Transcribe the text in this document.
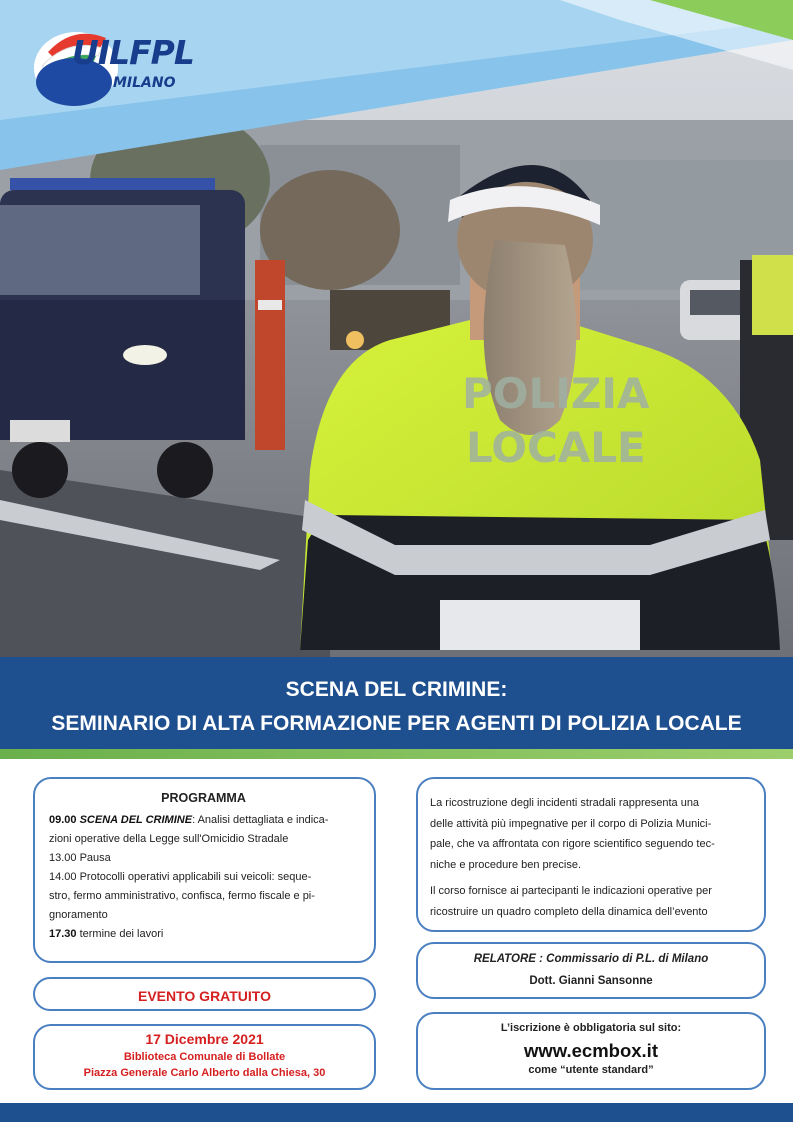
POLIZIA
LOCALE
UILFPL
MILANO
SCENA DEL CRIMINE:
SEMINARIO DI ALTA FORMAZIONE PER AGENTI DI POLIZIA LOCALE
PROGRAMMA
09.00 SCENA DEL CRIMINE: Analisi dettagliata e indica-
zioni operative della Legge sull'Omicidio Stradale
13.00 Pausa
14.00 Protocolli operativi applicabili sui veicoli: seque-
stro, fermo amministrativo, confisca, fermo fiscale e pi-
gnoramento
17.30 termine dei lavori
EVENTO GRATUITO
17 Dicembre 2021
Biblioteca Comunale di Bollate
Piazza Generale Carlo Alberto dalla Chiesa, 30
La ricostruzione degli incidenti stradali rappresenta una
delle attività più impegnative per il corpo di Polizia Munici-
pale, che va affrontata con rigore scientifico seguendo tec-
niche e procedure ben precise.
Il corso fornisce ai partecipanti le indicazioni operative per
ricostruire un quadro completo della dinamica dell’evento
RELATORE : Commissario di P.L. di Milano
Dott. Gianni Sansonne
L’iscrizione è obbligatoria sul sito:
www.ecmbox.it
come “utente standard”
